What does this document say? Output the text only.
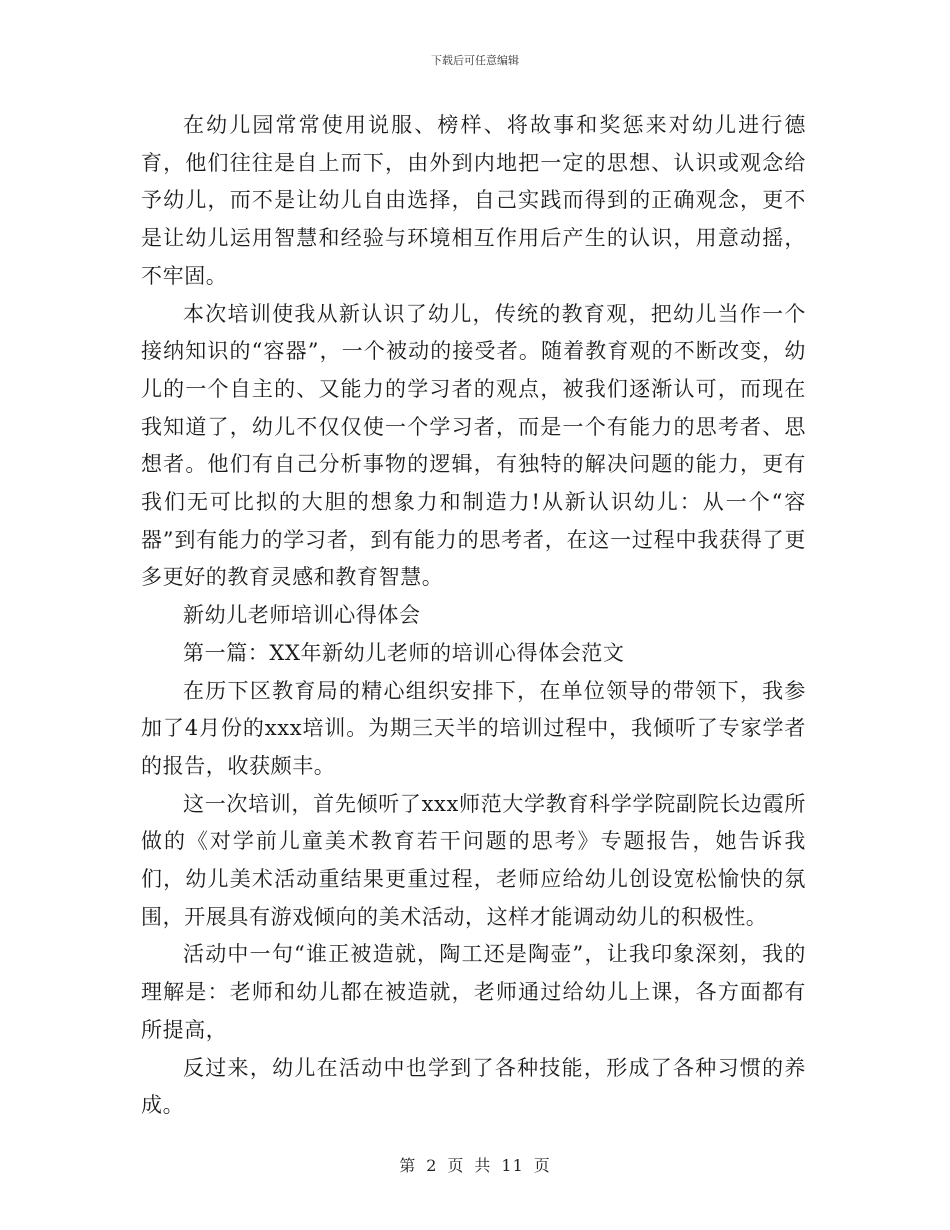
下载后可任意编辑

在幼儿园常常使用说服、榜样、将故事和奖惩来对幼儿进行德育，他们往往是自上而下，由外到内地把一定的思想、认识或观念给予幼儿，而不是让幼儿自由选择，自己实践而得到的正确观念，更不是让幼儿运用智慧和经验与环境相互作用后产生的认识，用意动摇，不牢固。

本次培训使我从新认识了幼儿，传统的教育观，把幼儿当作一个接纳知识的“容器”，一个被动的接受者。随着教育观的不断改变，幼儿的一个自主的、又能力的学习者的观点，被我们逐渐认可，而现在我知道了，幼儿不仅仅使一个学习者，而是一个有能力的思考者、思想者。他们有自己分析事物的逻辑，有独特的解决问题的能力，更有我们无可比拟的大胆的想象力和制造力!从新认识幼儿：从一个“容器”到有能力的学习者，到有能力的思考者，在这一过程中我获得了更多更好的教育灵感和教育智慧。

新幼儿老师培训心得体会

第一篇：XX年新幼儿老师的培训心得体会范文

在历下区教育局的精心组织安排下，在单位领导的带领下，我参加了4月份的xxx培训。为期三天半的培训过程中，我倾听了专家学者的报告，收获颇丰。

这一次培训，首先倾听了xxx师范大学教育科学学院副院长边霞所做的《对学前儿童美术教育若干问题的思考》专题报告，她告诉我们，幼儿美术活动重结果更重过程，老师应给幼儿创设宽松愉快的氛围，开展具有游戏倾向的美术活动，这样才能调动幼儿的积极性。

活动中一句“谁正被造就，陶工还是陶壶”，让我印象深刻，我的理解是：老师和幼儿都在被造就，老师通过给幼儿上课，各方面都有所提高，

反过来，幼儿在活动中也学到了各种技能，形成了各种习惯的养成。

第 2 页 共 11 页
